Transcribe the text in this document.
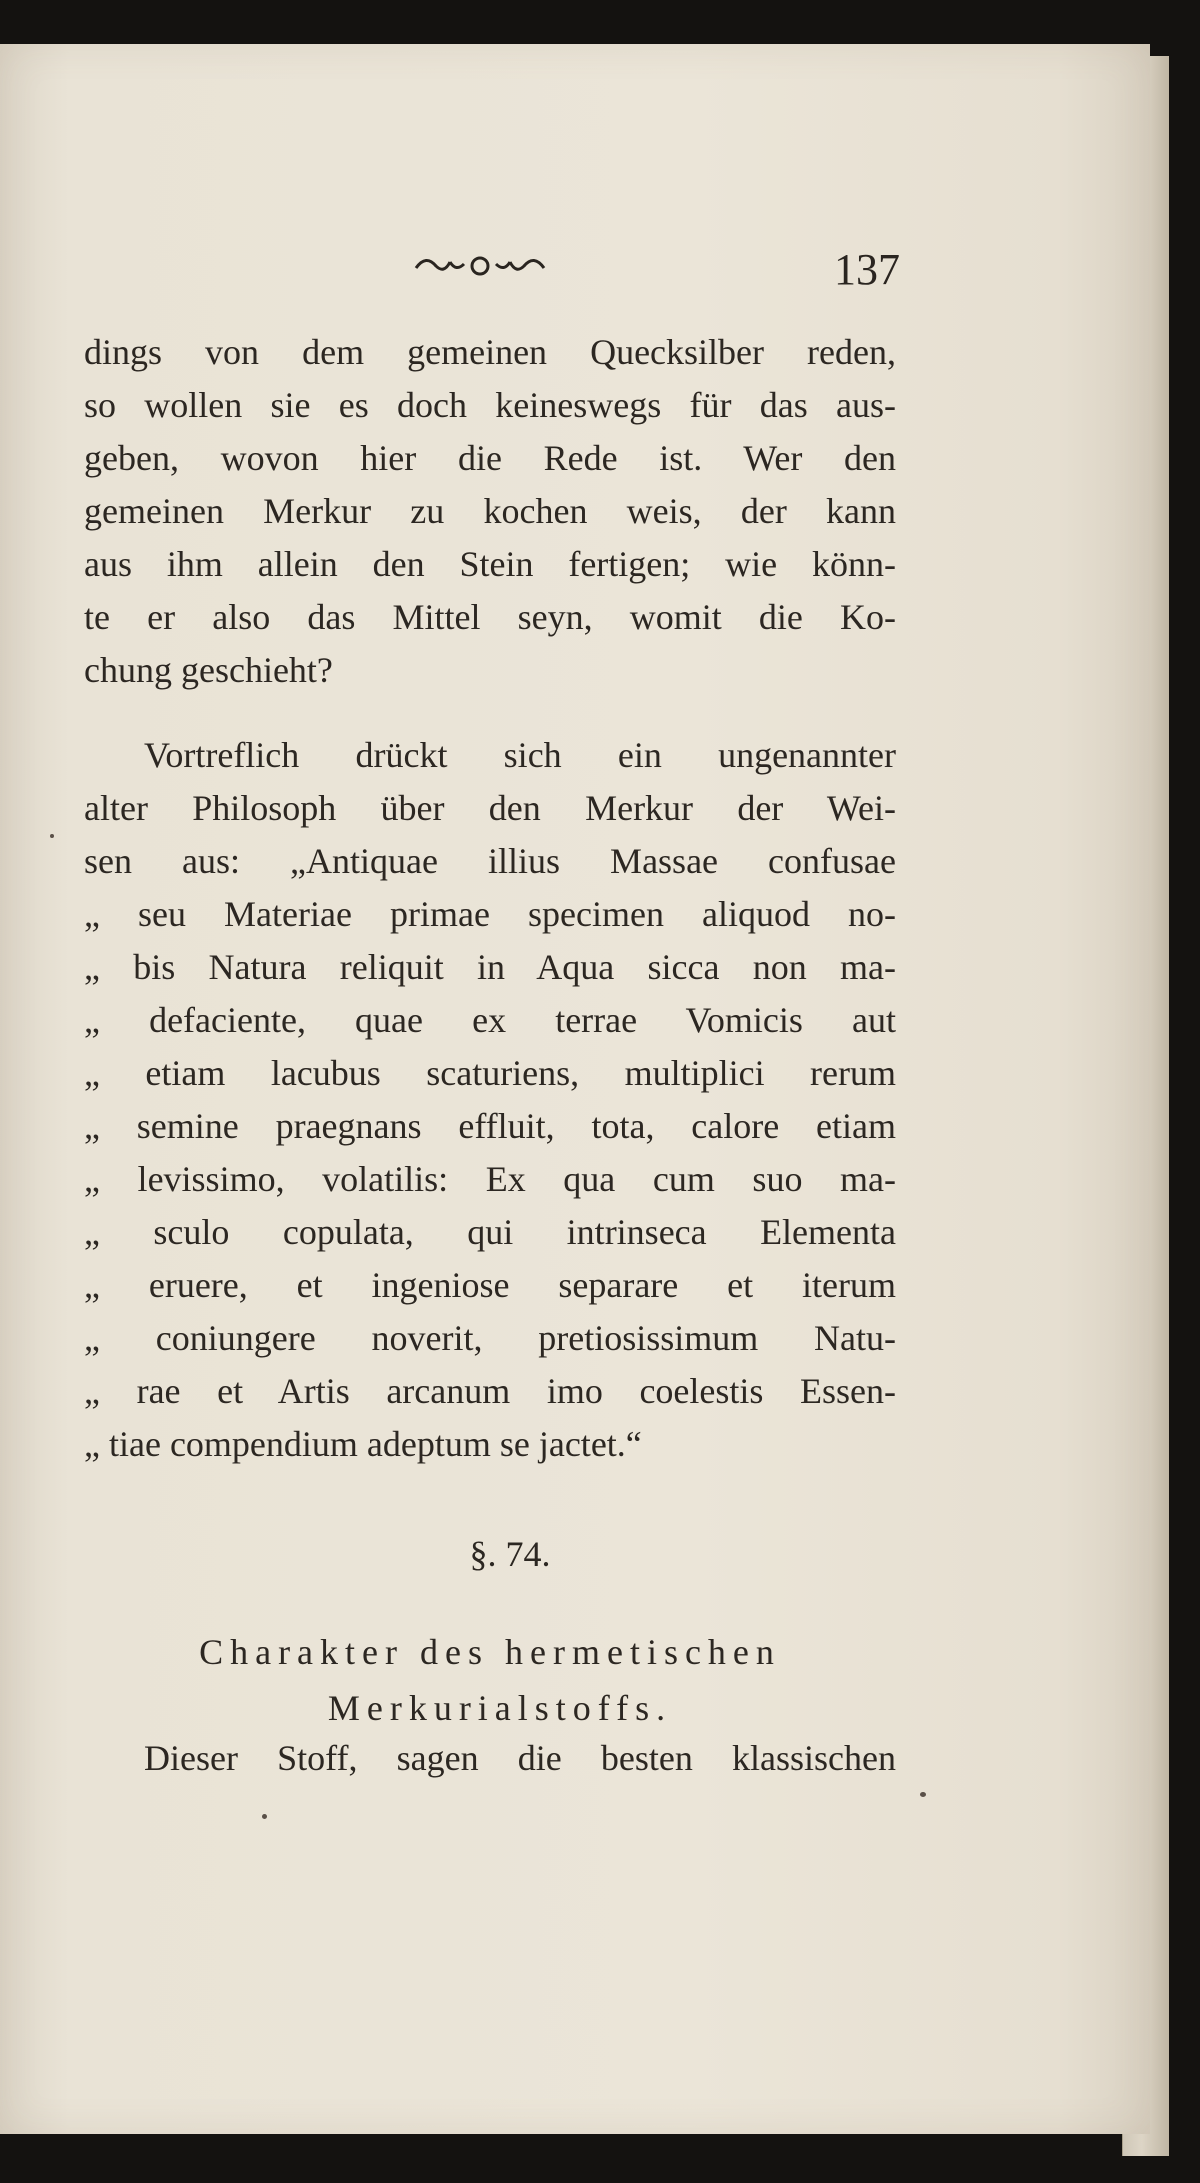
137
dings von dem gemeinen Quecksilber reden,
so wollen sie es doch keineswegs für das aus-
geben, wovon hier die Rede ist. Wer den
gemeinen Merkur zu kochen weis, der kann
aus ihm allein den Stein fertigen; wie könn-
te er also das Mittel seyn, womit die Ko-
chung geschieht?
Vortreflich drückt sich ein ungenannter
alter Philosoph über den Merkur der Wei-
sen aus: „Antiquae illius Massae confusae
„ seu Materiae primae specimen aliquod no-
„ bis Natura reliquit in Aqua sicca non ma-
„ defaciente, quae ex terrae Vomicis aut
„ etiam lacubus scaturiens, multiplici rerum
„ semine praegnans effluit, tota, calore etiam
„ levissimo, volatilis: Ex qua cum suo ma-
„ sculo copulata, qui intrinseca Elementa
„ eruere, et ingeniose separare et iterum
„ coniungere noverit, pretiosissimum Natu-
„ rae et Artis arcanum imo coelestis Essen-
„ tiae compendium adeptum se jactet.“
§. 74.
Charakter des hermetischen
Merkurialstoffs.
Dieser Stoff, sagen die besten klassischen
